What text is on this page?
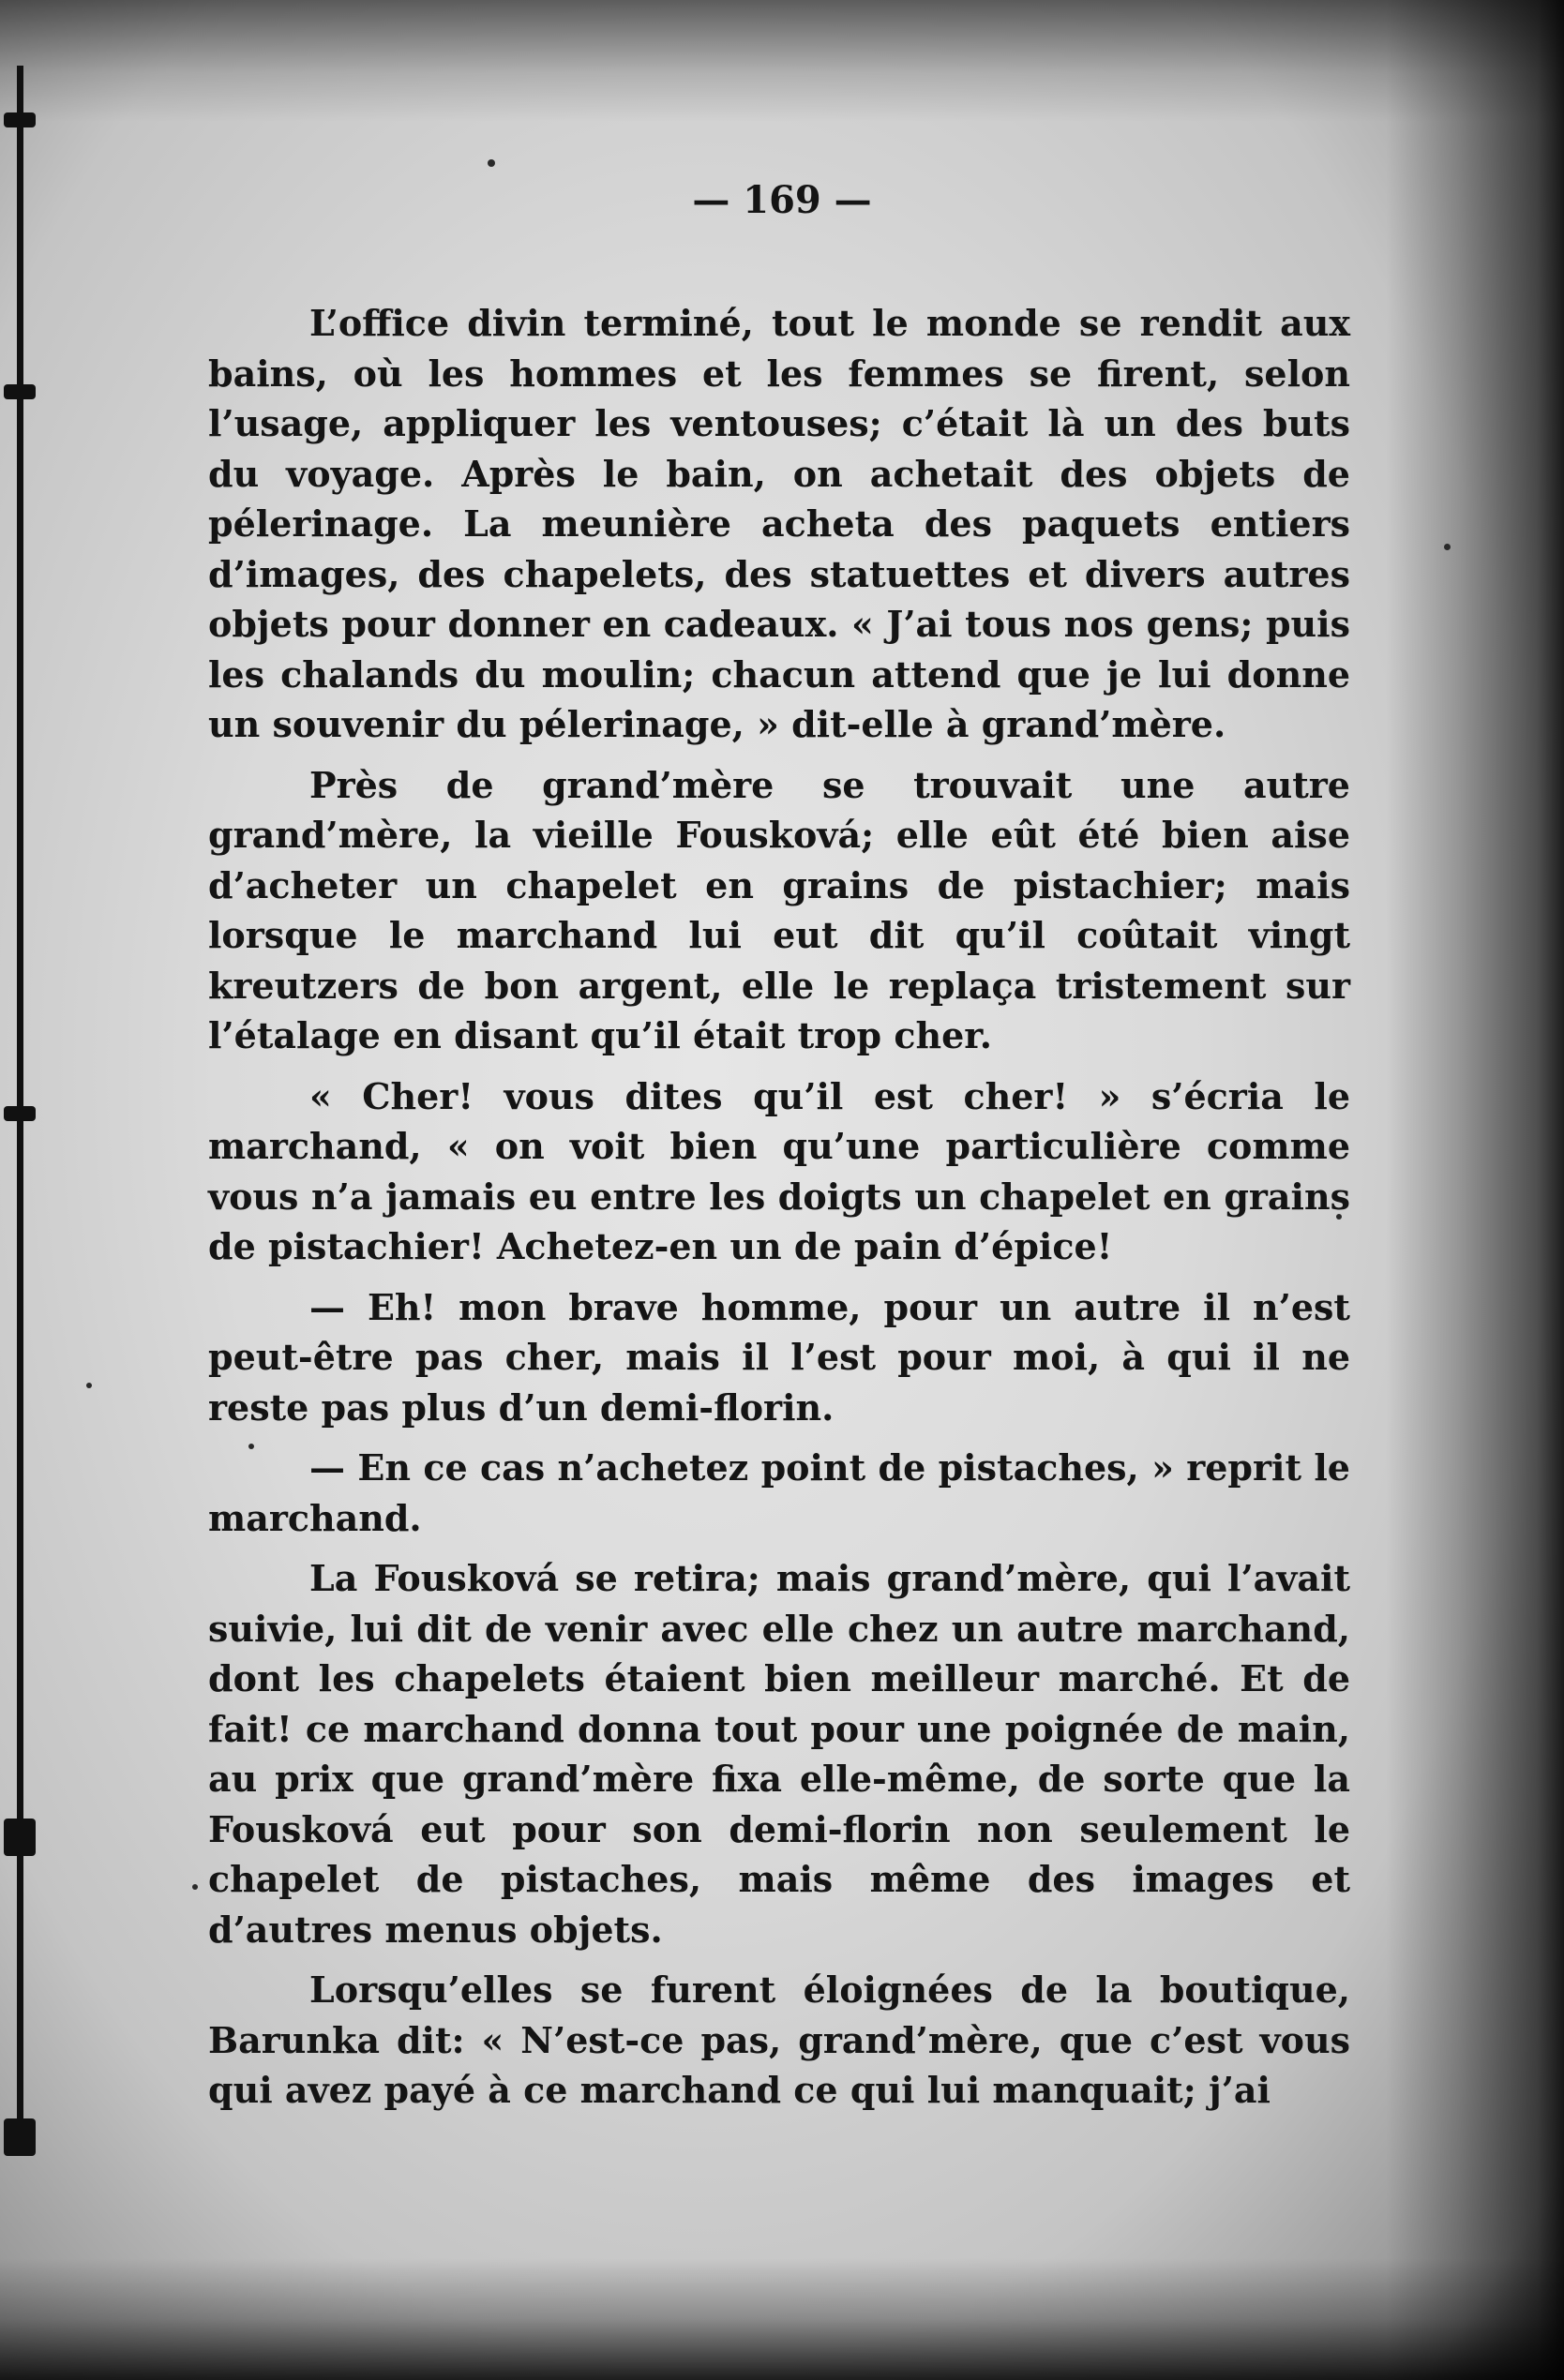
— 169 —

L’office divin terminé, tout le monde se rendit aux bains, où les hommes et les femmes se firent, selon l’usage, appliquer les ventouses; c’était là un des buts du voyage. Après le bain, on achetait des objets de pélerinage. La meunière acheta des paquets entiers d’images, des chapelets, des statuettes et divers autres objets pour donner en cadeaux. « J’ai tous nos gens; puis les chalands du moulin; chacun attend que je lui donne un souvenir du pélerinage, » dit-elle à grand’mère.

Près de grand’mère se trouvait une autre grand’mère, la vieille Fousková; elle eût été bien aise d’acheter un chapelet en grains de pistachier; mais lorsque le marchand lui eut dit qu’il coûtait vingt kreutzers de bon argent, elle le replaça tristement sur l’étalage en disant qu’il était trop cher.

« Cher! vous dites qu’il est cher! » s’écria le marchand, « on voit bien qu’une particulière comme vous n’a jamais eu entre les doigts un chapelet en grains de pistachier! Achetez-en un de pain d’épice!

— Eh! mon brave homme, pour un autre il n’est peut-être pas cher, mais il l’est pour moi, à qui il ne reste pas plus d’un demi-florin.

— En ce cas n’achetez point de pistaches, » reprit le marchand.

La Fousková se retira; mais grand’mère, qui l’avait suivie, lui dit de venir avec elle chez un autre marchand, dont les chapelets étaient bien meilleur marché. Et de fait! ce marchand donna tout pour une poignée de main, au prix que grand’mère fixa elle-même, de sorte que la Fousková eut pour son demi-florin non seulement le chapelet de pistaches, mais même des images et d’autres menus objets.

Lorsqu’elles se furent éloignées de la boutique, Barunka dit: « N’est-ce pas, grand’mère, que c’est vous qui avez payé à ce marchand ce qui lui manquait; j’ai
